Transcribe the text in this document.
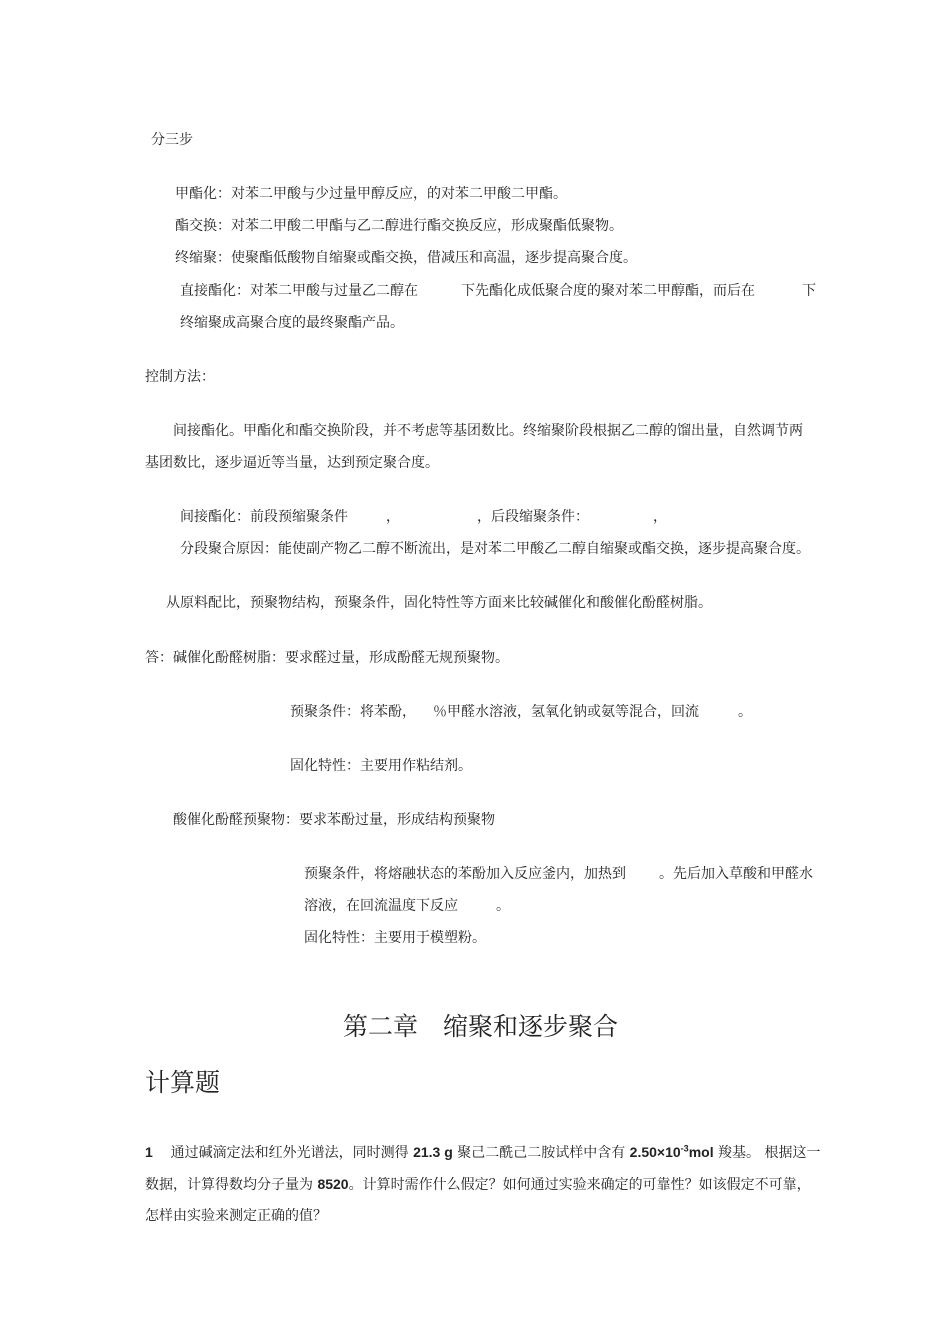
分三步

甲酯化：对苯二甲酸与少过量甲醇反应，的对苯二甲酸二甲酯。

酯交换：对苯二甲酸二甲酯与乙二醇进行酯交换反应，形成聚酯低聚物。

终缩聚：使聚酯低酸物自缩聚或酯交换，借减压和高温，逐步提高聚合度。

直接酯化：对苯二甲酸与过量乙二醇在	下先酯化成低聚合度的聚对苯二甲醇酯，而后在	下

终缩聚成高聚合度的最终聚酯产品。

控制方法：

间接酯化。甲酯化和酯交换阶段，并不考虑等基团数比。终缩聚阶段根据乙二醇的馏出量，自然调节两

基团数比，逐步逼近等当量，达到预定聚合度。

间接酯化：前段预缩聚条件	，	，后段缩聚条件：	，

分段聚合原因：能使副产物乙二醇不断流出，是对苯二甲酸乙二醇自缩聚或酯交换，逐步提高聚合度。

从原料配比，预聚物结构，预聚条件，固化特性等方面来比较碱催化和酸催化酚醛树脂。

答：碱催化酚醛树脂：要求醛过量，形成酚醛无规预聚物。

预聚条件：将苯酚， ％甲醛水溶液，氢氧化钠或氨等混合，回流	。

固化特性：主要用作粘结剂。

酸催化酚醛预聚物：要求苯酚过量，形成结构预聚物

预聚条件，将熔融状态的苯酚加入反应釜内，加热到 。先后加入草酸和甲醛水

溶液，在回流温度下反应	。

固化特性：主要用于模塑粉。

第二章　缩聚和逐步聚合
计算题

1 通过碱滴定法和红外光谱法，同时测得 21.3 g 聚己二酰己二胺试样中含有 $2.50\times 10^{-3}mol$ 羧基。 根据这一

数据，计算得数均分子量为 8520。计算时需作什么假定？如何通过实验来确定的可靠性？如该假定不可靠，

怎样由实验来测定正确的值？
